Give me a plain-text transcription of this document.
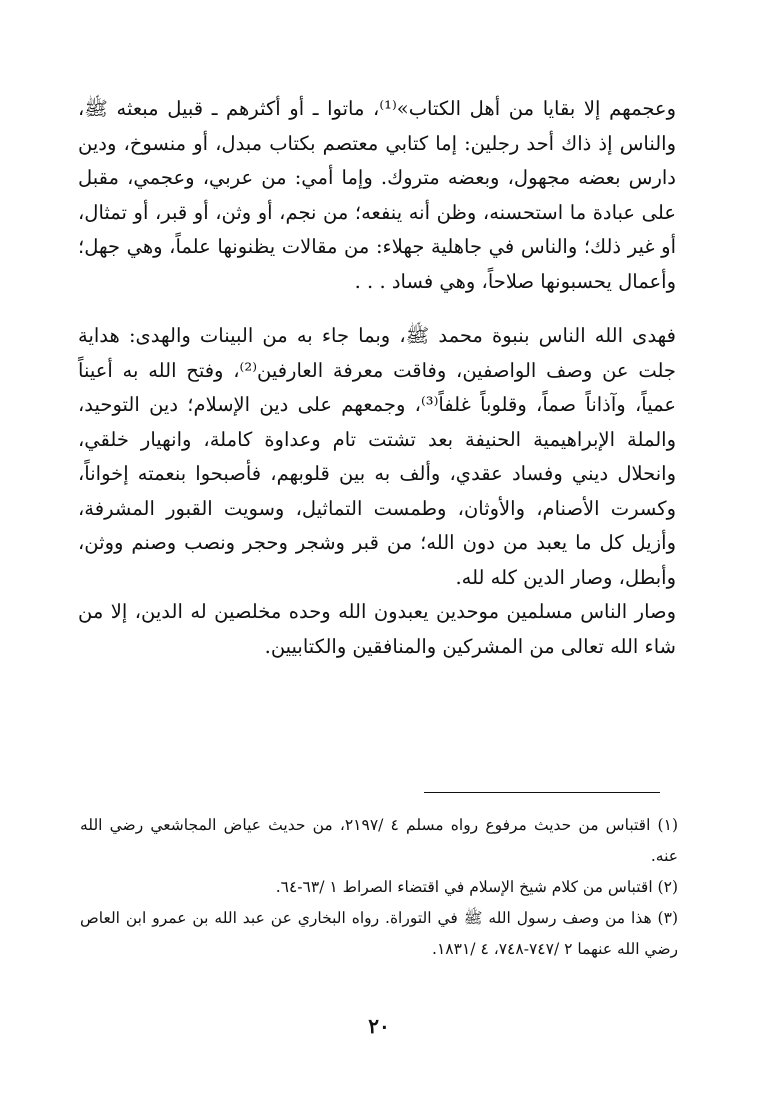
وعجمهم إلا بقايا من أهل الكتاب»⁽¹⁾، ماتوا ـ أو أكثرهم ـ قبيل مبعثه ﷺ، والناس إذ ذاك أحد رجلين: إما كتابي معتصم بكتاب مبدل، أو منسوخ، ودين دارس بعضه مجهول، وبعضه متروك. وإما أمي: من عربي، وعجمي، مقبل على عبادة ما استحسنه، وظن أنه ينفعه؛ من نجم، أو وثن، أو قبر، أو تمثال، أو غير ذلك؛ والناس في جاهلية جهلاء: من مقالات يظنونها علماً، وهي جهل؛ وأعمال يحسبونها صلاحاً، وهي فساد . . .

فهدى الله الناس بنبوة محمد ﷺ، وبما جاء به من البينات والهدى: هداية جلت عن وصف الواصفين، وفاقت معرفة العارفين⁽²⁾، وفتح الله به أعيناً عمياً، وآذاناً صماً، وقلوباً غلفاً⁽³⁾، وجمعهم على دين الإسلام؛ دين التوحيد، والملة الإبراهيمية الحنيفة بعد تشتت تام وعداوة كاملة، وانهيار خلقي، وانحلال ديني وفساد عقدي، وألف به بين قلوبهم، فأصبحوا بنعمته إخواناً، وكسرت الأصنام، والأوثان، وطمست التماثيل، وسويت القبور المشرفة، وأزيل كل ما يعبد من دون الله؛ من قبر وشجر وحجر ونصب وصنم ووثن، وأبطل، وصار الدين كله لله.

وصار الناس مسلمين موحدين يعبدون الله وحده مخلصين له الدين، إلا من شاء الله تعالى من المشركين والمنافقين والكتابيين.

(١) اقتباس من حديث مرفوع رواه مسلم ٤ /٢١٩٧، من حديث عياض المجاشعي رضي الله عنه.

(٢) اقتباس من كلام شيخ الإسلام في اقتضاء الصراط ١ /٦٣-٦٤.

(٣) هذا من وصف رسول الله ﷺ في التوراة. رواه البخاري عن عبد الله بن عمرو ابن العاص رضي الله عنهما ٢ /٧٤٧-٧٤٨، ٤ /١٨٣١.

٢٠
